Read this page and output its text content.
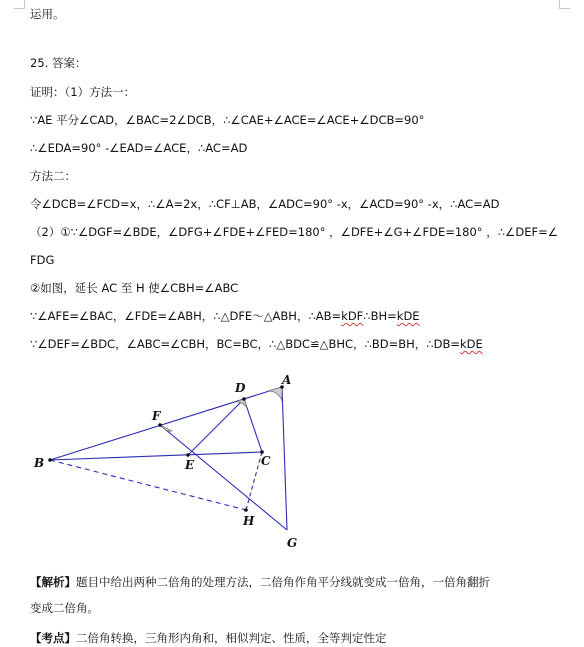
运用。
25. 答案：
证明：（1）方法一：
∵AE 平分∠CAD，∠BAC=2∠DCB，∴∠CAE+∠ACE=∠ACE+∠DCB=90°
∴∠EDA=90° -∠EAD=∠ACE，∴AC=AD
方法二：
令∠DCB=∠FCD=x，∴∠A=2x，∴CF⊥AB，∠ADC=90° -x，∠ACD=90° -x，∴AC=AD
（2）①∵∠DGF=∠BDE，∠DFG+∠FDE+∠FED=180° ，∠DFE+∠G+∠FDE=180° ，∴∠DEF=∠
FDG
②如图，延长 AC 至 H 使∠CBH=∠ABC
∵∠AFE=∠BAC，∠FDE=∠ABH，∴△DFE～△ABH，∴AB=kDF∴BH=kDE
∵∠DEF=∠BDC，∠ABC=∠CBH，BC=BC，∴△BDC≌△BHC，∴BD=BH，∴DB=kDE
A
B	C
D
E
F
G
H
【解析】题目中给出两种二倍角的处理方法，二倍角作角平分线就变成一倍角，一倍角翻折
变成二倍角。
【考点】二倍角转换，三角形内角和，相似判定、性质，全等判定性定
